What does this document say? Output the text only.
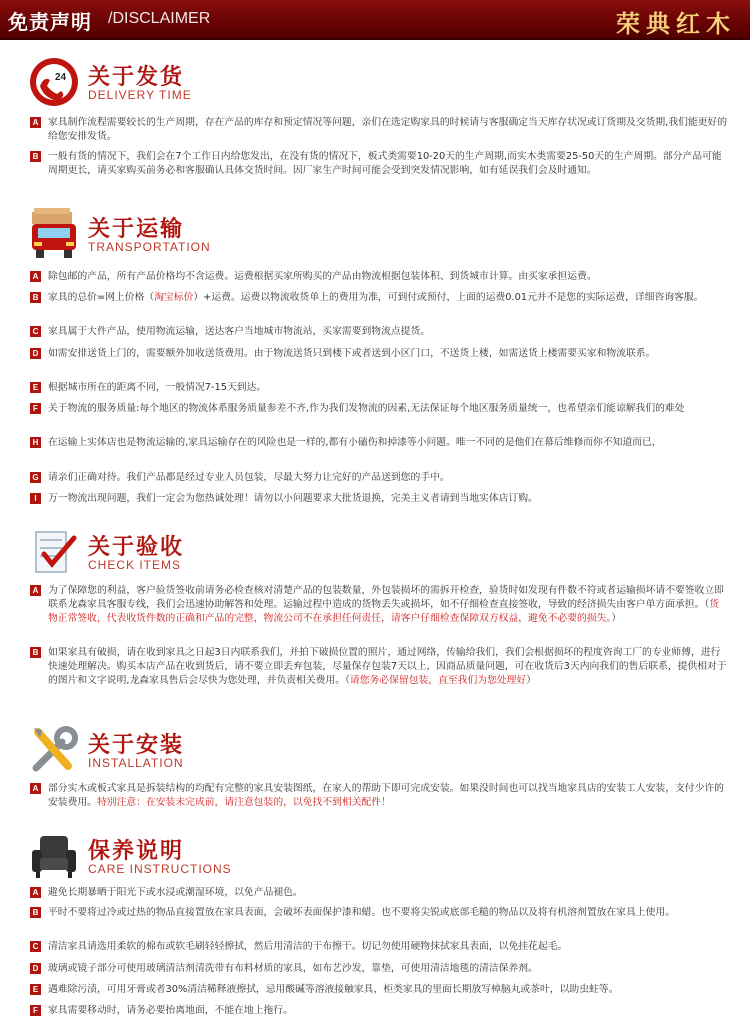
免责声明 /DISCLAIMER	荣典红木
24 关于发货
DELIVERY TIME
A 家具制作流程需要较长的生产周期，存在产品的库存和预定情况等问题，亲们在选定购家具的时候请与客服确定当天库存状况或订货期及交货期,我们能更好的给您安排发货。
B 一般有货的情况下，我们会在7个工作日内给您发出，在没有货的情况下，板式类需要10-20天的生产周期,而实木类需要25-50天的生产周期。部分产品可能周期更长，请买家购买前务必和客服确认具体交货时间。因厂家生产时间可能会受到突发情况影响，如有延误我们会及时通知。
关于运输
TRANSPORTATION
A 除包邮的产品，所有产品价格均不含运费。运费根据买家所购买的产品由物流根据包装体积、到货城市计算。由买家承担运费。
B 家具的总价=网上价格（淘宝标价）+运费。运费以物流收货单上的费用为准，可到付或预付，上面的运费0.01元并不是您的实际运费，详细咨询客服。
C 家具属于大件产品，使用物流运输，送达客户当地城市物流站，买家需要到物流点提货。
D 如需安排送货上门的，需要额外加收送货费用。由于物流送货只到楼下或者送到小区门口，不送货上楼，如需送货上楼需要买家和物流联系。
E 根据城市所在的距离不同，一般情况7-15天到达。
F	关于物流的服务质量:每个地区的物流体系服务质量参差不齐,作为我们发物流的因素,无法保证每个地区服务质量统一，也希望亲们能谅解我们的难处
H 在运输上实体店也是物流运输的,家具运输存在的风险也是一样的,都有小磕伤和掉漆等小问题。唯一不同的是他们在幕后维修而你不知道而已，
G 请亲们正确对待。我们产品都是经过专业人员包装，尽最大努力让完好的产品送到您的手中。
I	万一物流出现问题，我们一定会为您热诚处理！请勿以小问题要求大批货退换，完美主义者请到当地实体店订购。
关于验收
CHECK ITEMS
A 为了保障您的利益，客户验货签收前请务必检查核对清楚产品的包装数量，外包装损坏的需拆开检查，验货时如发现有件数不符或者运输损坏请不要签收立即联系龙森家具客服专线，我们会迅速协助解答和处理。运输过程中造成的货物丢失或损坏，如不仔细检查直接签收，导致的经济损失由客户单方面承担。（货物正常签收，代表收货件数的正确和产品的完整，物流公司不在承担任何责任，请客户仔细检查保障双方权益，避免不必要的损失。）
B 如果家具有破损，请在收到家具之日起3日内联系我们，并拍下破损位置的照片，通过网络，传输给我们，我们会根据损坏的程度咨询工厂的专业师傅，进行快速处理解决。购买本店产品在收到货后，请不要立即丢弃包装，尽量保存包装7天以上，因商品质量问题，可在收货后3天内向我们的售后联系，提供相对于的图片和文字说明,龙森家具售后会尽快为您处理，并负责相关费用。（请您务必保留包装，直至我们为您处理好）
关于安装
INSTALLATION
A 部分实木或板式家具是拆装结构的均配有完整的家具安装图纸，在家人的帮助下即可完成安装。如果没时间也可以找当地家具店的安装工人安装，支付少许的安装费用。特别注意：在安装未完成前，请注意包装的，以免找不到相关配件！
保养说明
CARE INSTRUCTIONS
A 避免长期暴晒于阳光下或水浸或潮湿环境，以免产品褪色。
B 平时不要将过冷或过热的物品直接置放在家具表面，会破坏表面保护漆和蜡。也不要将尖锐或底部毛糙的物品以及将有机溶剂置放在家具上使用。
C 清洁家具请选用柔软的棉布或软毛刷轻轻擦拭，然后用清洁的干布擦干。切记勿使用硬物抹拭家具表面，以免挂花起毛。
D 玻璃或镜子部分可使用玻璃清洁剂清洗带有布料材质的家具，如布艺沙发，靠垫，可使用清洁地毯的清洁保养剂。
E 遇难除污渍，可用牙膏或者30%清洁稀释液擦拭，忌用酸碱等溶液接触家具，柜类家具的里面长期放写樟脑丸或茶叶，以助虫蛀等。
F	家具需要移动时，请务必要抬离地面，不能在地上拖行。
